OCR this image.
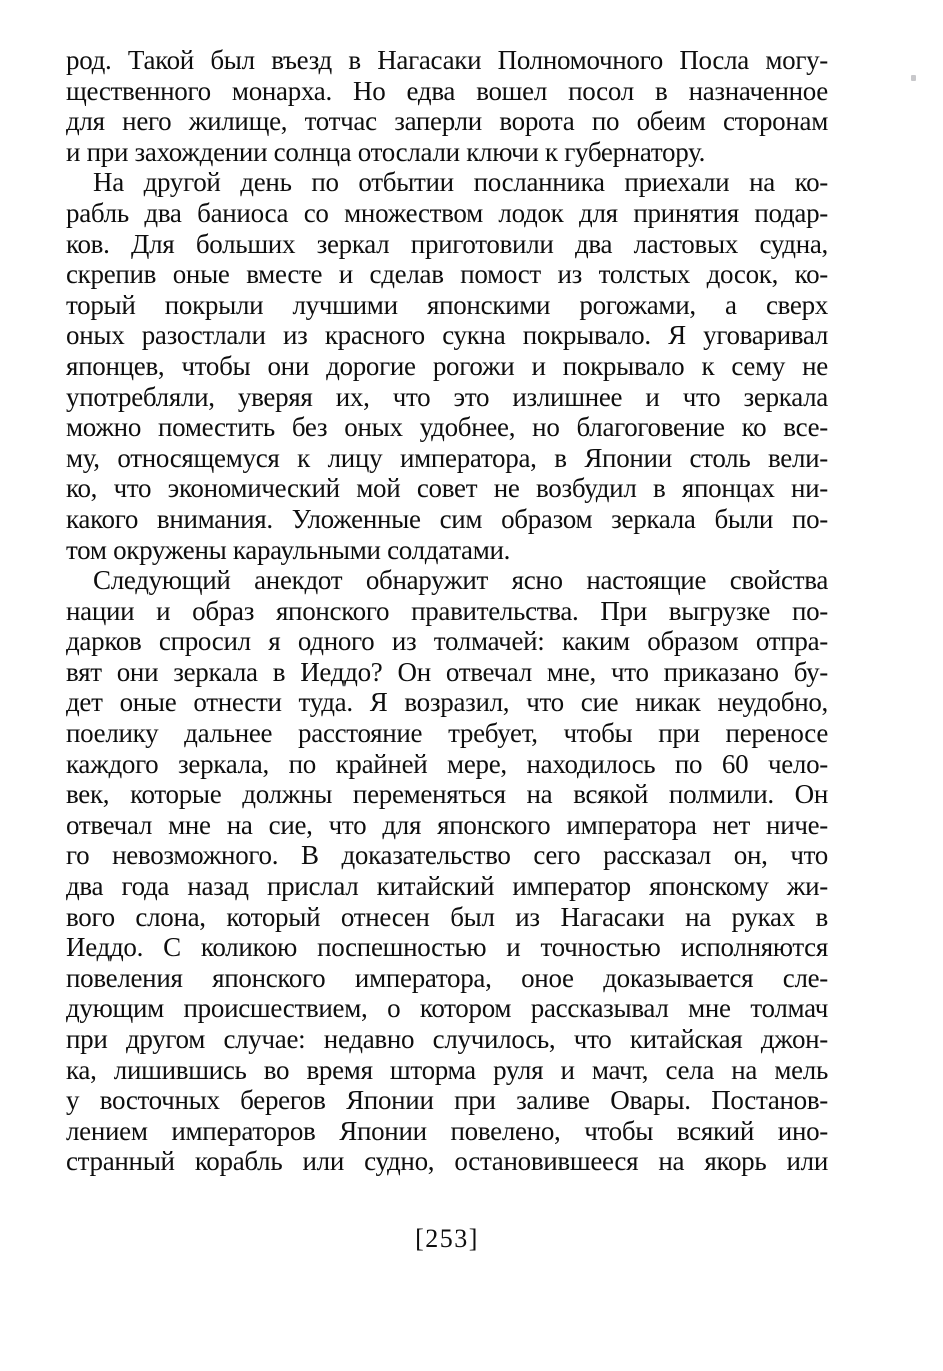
род. Такой был въезд в Нагасаки Полномочного Посла могу-
щественного монарха. Но едва вошел посол в назначенное
для него жилище, тотчас заперли ворота по обеим сторонам
и при захождении солнца отослали ключи к губернатору.
На другой день по отбытии посланника приехали на ко-
рабль два баниоса со множеством лодок для принятия подар-
ков. Для больших зеркал приготовили два ластовых судна,
скрепив оные вместе и сделав помост из толстых досок, ко-
торый покрыли лучшими японскими рогожами, а сверх
оных разостлали из красного сукна покрывало. Я уговаривал
японцев, чтобы они дорогие рогожи и покрывало к сему не
употребляли, уверяя их, что это излишнее и что зеркала
можно поместить без оных удобнее, но благоговение ко все-
му, относящемуся к лицу императора, в Японии столь вели-
ко, что экономический мой совет не возбудил в японцах ни-
какого внимания. Уложенные сим образом зеркала были по-
том окружены караульными солдатами.
Следующий анекдот обнаружит ясно настоящие свойства
нации и образ японского правительства. При выгрузке по-
дарков спросил я одного из толмачей: каким образом отпра-
вят они зеркала в Иеддо? Он отвечал мне, что приказано бу-
дет оные отнести туда. Я возразил, что сие никак неудобно,
поелику дальнее расстояние требует, чтобы при переносе
каждого зеркала, по крайней мере, находилось по 60 чело-
век, которые должны переменяться на всякой полмили. Он
отвечал мне на сие, что для японского императора нет ниче-
го невозможного. В доказательство сего рассказал он, что
два года назад прислал китайский император японскому жи-
вого слона, который отнесен был из Нагасаки на руках в
Иеддо. С коликою поспешностью и точностью исполняются
повеления японского императора, оное доказывается сле-
дующим происшествием, о котором рассказывал мне толмач
при другом случае: недавно случилось, что китайская джон-
ка, лишившись во время шторма руля и мачт, села на мель
у восточных берегов Японии при заливе Овары. Постанов-
лением императоров Японии повелено, чтобы всякий ино-
странный корабль или судно, остановившееся на якорь или
[253]
